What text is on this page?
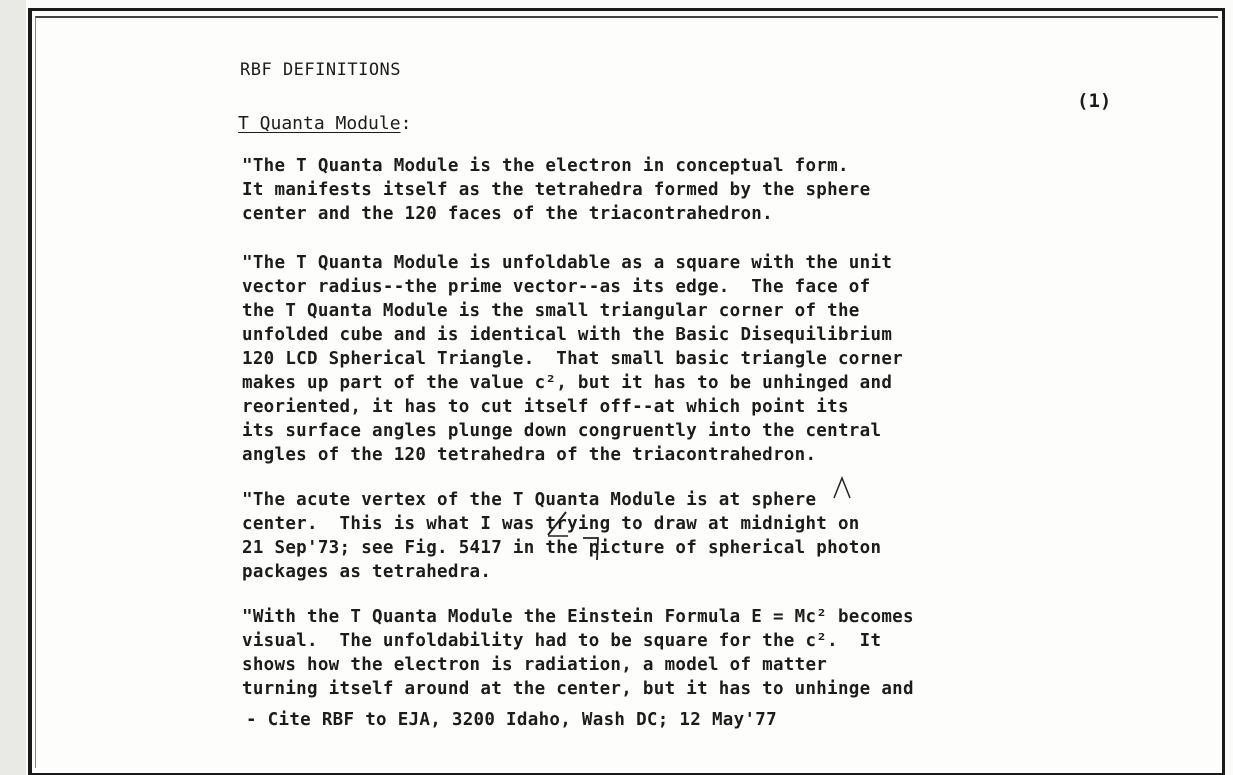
RBF DEFINITIONS

(1)

T Quanta Module:

"The T Quanta Module is the electron in conceptual form.
It manifests itself as the tetrahedra formed by the sphere
center and the 120 faces of the triacontrahedron.

"The T Quanta Module is unfoldable as a square with the unit
vector radius--the prime vector--as its edge.  The face of
the T Quanta Module is the small triangular corner of the
unfolded cube and is identical with the Basic Disequilibrium
120 LCD Spherical Triangle.  That small basic triangle corner
makes up part of the value c², but it has to be unhinged and
reoriented, it has to cut itself off--at which point its
its surface angles plunge down congruently into the central
angles of the 120 tetrahedra of the triacontrahedron.

"The acute vertex of the T Quanta Module is at sphere
center.  This is what I was trying to draw at midnight on
21 Sep'73; see Fig. 5417 in the picture of spherical photon
packages as tetrahedra.

"With the T Quanta Module the Einstein Formula E = Mc² becomes
visual.  The unfoldability had to be square for the c².  It
shows how the electron is radiation, a model of matter
turning itself around at the center, but it has to unhinge and

- Cite RBF to EJA, 3200 Idaho, Wash DC; 12 May'77
